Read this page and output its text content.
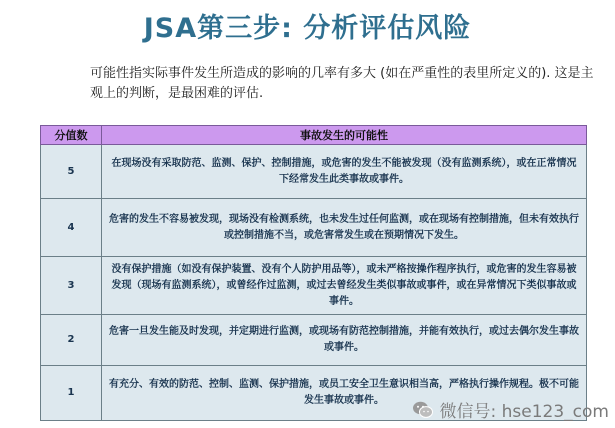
JSA第三步: 分析评估风险
可能性指实际事件发生所造成的影响的几率有多大 (如在严重性的表里所定义的). 这是主观上的判断，是最困难的评估.
分值数	事故发生的可能性
5	在现场没有采取防范、监测、保护、控制措施，或危害的发生不能被发现（没有监测系统），或在正常情况下经常发生此类事故或事件。
4	危害的发生不容易被发现，现场没有检测系统，也未发生过任何监测，或在现场有控制措施，但未有效执行或控制措施不当，或危害常发生或在预期情况下发生。
3	没有保护措施（如没有保护装置、没有个人防护用品等），或未严格按操作程序执行，或危害的发生容易被发现（现场有监测系统），或曾经作过监测，或过去曾经发生类似事故或事件，或在异常情况下类似事故或事件。
2	危害一旦发生能及时发现，并定期进行监测，或现场有防范控制措施，并能有效执行，或过去偶尔发生事故或事件。
1	有充分、有效的防范、控制、监测、保护措施，或员工安全卫生意识相当高，严格执行操作规程。极不可能发生事故或事件。
微信号: hse123_com
